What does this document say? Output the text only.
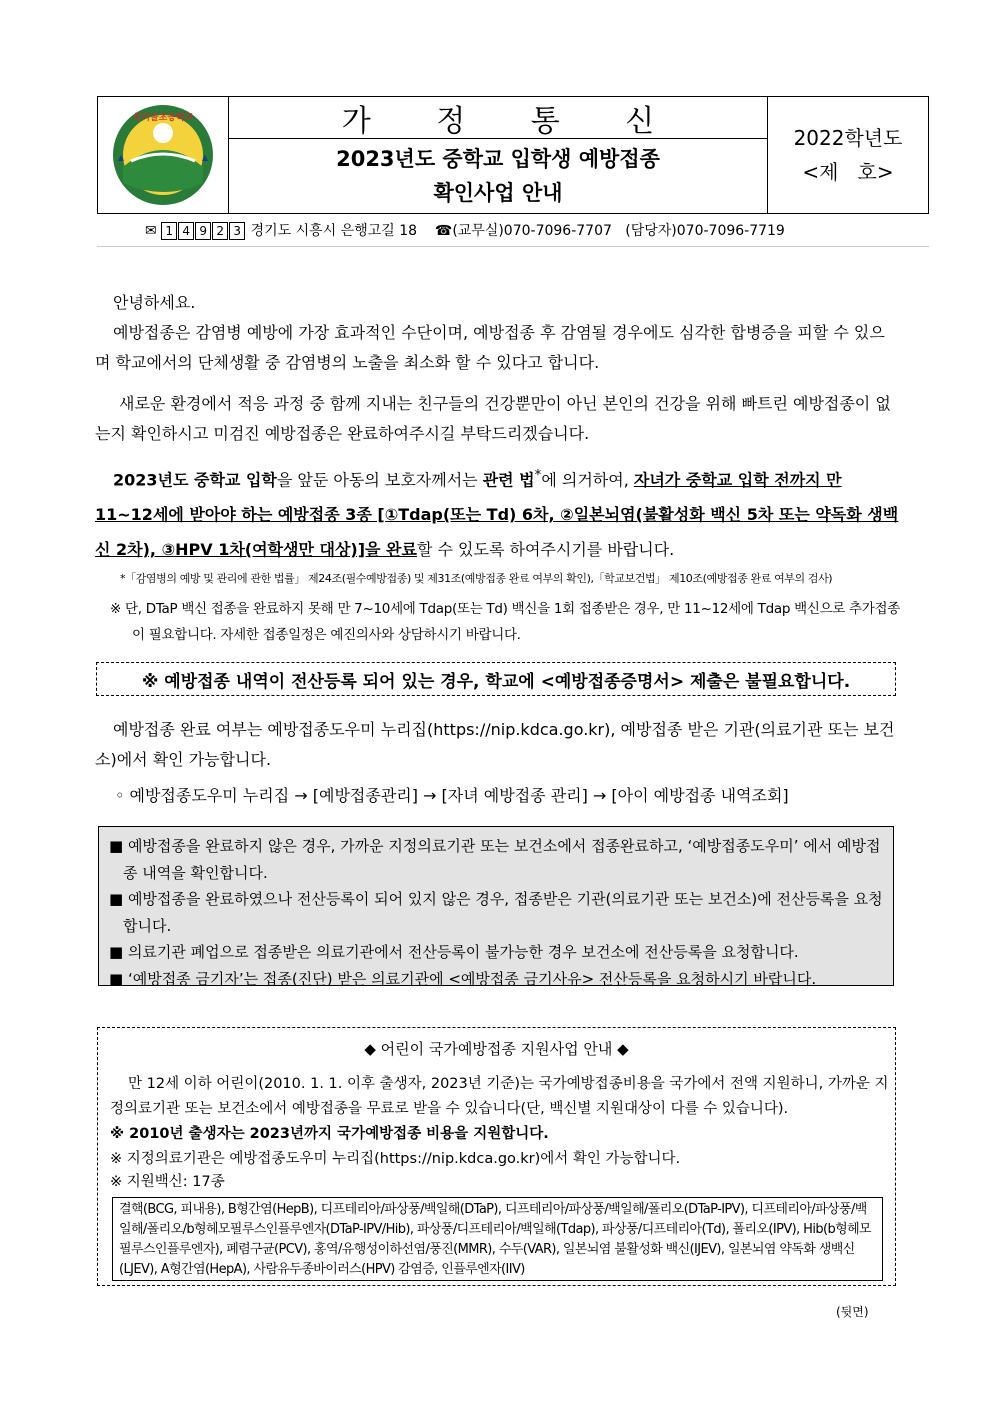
옥터골초등학교	가 정 통 신
2023년도 중학교 입학생 예방접종
확인사업 안내
2022학년도
<제   호>
✉ 1 4 9 2 3 경기도 시흥시 은행고길 18 ☎(교무실)070-7096-7707 (담당자)070-7096-7719
안녕하세요.
예방접종은 감염병 예방에 가장 효과적인 수단이며, 예방접종 후 감염될 경우에도 심각한 합병증을 피할 수 있으며 학교에서의 단체생활 중 감염병의 노출을 최소화 할 수 있다고 합니다.
새로운 환경에서 적응 과정 중 함께 지내는 친구들의 건강뿐만이 아닌 본인의 건강을 위해 빠트린 예방접종이 없는지 확인하시고 미검진 예방접종은 완료하여주시길 부탁드리겠습니다.
2023년도 중학교 입학을 앞둔 아동의 보호자께서는 관련 법*에 의거하여, 자녀가 중학교 입학 전까지 만 11~12세에 받아야 하는 예방접종 3종 [①Tdap(또는 Td) 6차, ②일본뇌염(불활성화 백신 5차 또는 약독화 생백신 2차), ③HPV 1차(여학생만 대상)]을 완료할 수 있도록 하여주시기를 바랍니다.
*「감염병의 예방 및 관리에 관한 법률」 제24조(필수예방접종) 및 제31조(예방접종 완료 여부의 확인),「학교보건법」 제10조(예방접종 완료 여부의 검사)
※ 단, DTaP 백신 접종을 완료하지 못해 만 7~10세에 Tdap(또는 Td) 백신을 1회 접종받은 경우, 만 11~12세에 Tdap 백신으로 추가접종이 필요합니다. 자세한 접종일정은 예진의사와 상담하시기 바랍니다.
※ 예방접종 내역이 전산등록 되어 있는 경우, 학교에 <예방접종증명서> 제출은 불필요합니다.
예방접종 완료 여부는 예방접종도우미 누리집(https://nip.kdca.go.kr), 예방접종 받은 기관(의료기관 또는 보건소)에서 확인 가능합니다.
◦ 예방접종도우미 누리집 → [예방접종관리] → [자녀 예방접종 관리] → [아이 예방접종 내역조회]
■ 예방접종을 완료하지 않은 경우, 가까운 지정의료기관 또는 보건소에서 접종완료하고, ‘예방접종도우미’ 에서 예방접종 내역을 확인합니다.
■ 예방접종을 완료하였으나 전산등록이 되어 있지 않은 경우, 접종받은 기관(의료기관 또는 보건소)에 전산등록을 요청합니다.
■ 의료기관 폐업으로 접종받은 의료기관에서 전산등록이 불가능한 경우 보건소에 전산등록을 요청합니다.
■ ‘예방접종 금기자’는 접종(진단) 받은 의료기관에 <예방접종 금기사유> 전산등록을 요청하시기 바랍니다.
◆ 어린이 국가예방접종 지원사업 안내 ◆
만 12세 이하 어린이(2010. 1. 1. 이후 출생자, 2023년 기준)는 국가예방접종비용을 국가에서 전액 지원하니, 가까운 지정의료기관 또는 보건소에서 예방접종을 무료로 받을 수 있습니다(단, 백신별 지원대상이 다를 수 있습니다).
※ 2010년 출생자는 2023년까지 국가예방접종 비용을 지원합니다.
※ 지정의료기관은 예방접종도우미 누리집(https://nip.kdca.go.kr)에서 확인 가능합니다.
※ 지원백신: 17종
결핵(BCG, 피내용), B형간염(HepB), 디프테리아/파상풍/백일해(DTaP), 디프테리아/파상풍/백일해/폴리오(DTaP-IPV), 디프테리아/파상풍/백일해/폴리오/b형헤모필루스인플루엔자(DTaP-IPV/Hib), 파상풍/디프테리아/백일해(Tdap), 파상풍/디프테리아(Td), 폴리오(IPV), Hib(b형헤모필루스인플루엔자), 폐렴구균(PCV), 홍역/유행성이하선염/풍진(MMR), 수두(VAR), 일본뇌염 불활성화 백신(IJEV), 일본뇌염 약독화 생백신(LJEV), A형간염(HepA), 사람유두종바이러스(HPV) 감염증, 인플루엔자(IIV)
(뒷면)
